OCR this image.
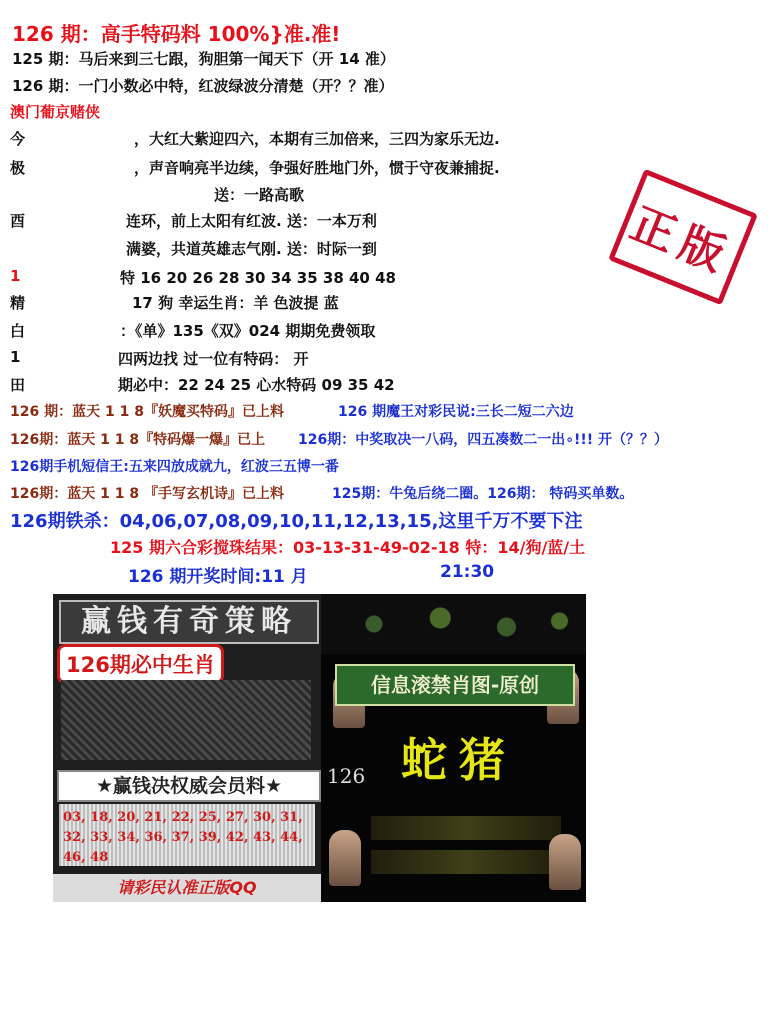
126 期：高手特码料 100%}准.准!
125 期：马后来到三七跟，狗胆第一闻天下（开 14 准）
126 期：一门小数必中特，红波绿波分清楚（开？？准）
澳门葡京赌侠
今	，大红大紫迎四六，本期有三加倍来，三四为家乐无边.
极	，声音响亮半边续，争强好胜地门外，惯于守夜兼捕捉.
送：一路高歌
酉	连环，前上太阳有红波. 送：一本万利
满婆，共道英雄志气刚. 送：时际一到
1	特 16 20 26 28 30 34 35 38 40 48
精	17 狗 幸运生肖：羊 色波提 蓝
白	：《单》135《双》024 期期免费领取
1	四两边找 过一位有特码： 开
田	期必中：22 24 25 心水特码 09 35 42
126 期：蓝天 1 1 8『妖魔买特码』已上料	126 期魔王对彩民说:三长二短二六边
126期：蓝天 1 1 8『特码爆一爆』已上 126期：中奖取决一八码，四五凑数二一出∘!!! 开（？？）
126期手机短信王:五来四放成就九，红波三五博一番
126期：蓝天 1 1 8 『手写玄机诗』已上料	125期：牛兔后绕二圈。126期： 特码买单数。
126期铁杀：04,06,07,08,09,10,11,12,13,15,这里千万不要下注
125 期六合彩搅珠结果：03-13-31-49-02-18 特：14/狗/蓝/土
126 期开奖时间:11 月	21:30
正版
赢钱有奇策略
126期必中生肖
★赢钱决权威会员料★
03, 18, 20, 21, 22, 25, 27, 30, 31, 32, 33, 34, 36, 37, 39, 42, 43, 44, 46, 48
请彩民认准正版QQ
信息滚禁肖图-原创
蛇猪
126
